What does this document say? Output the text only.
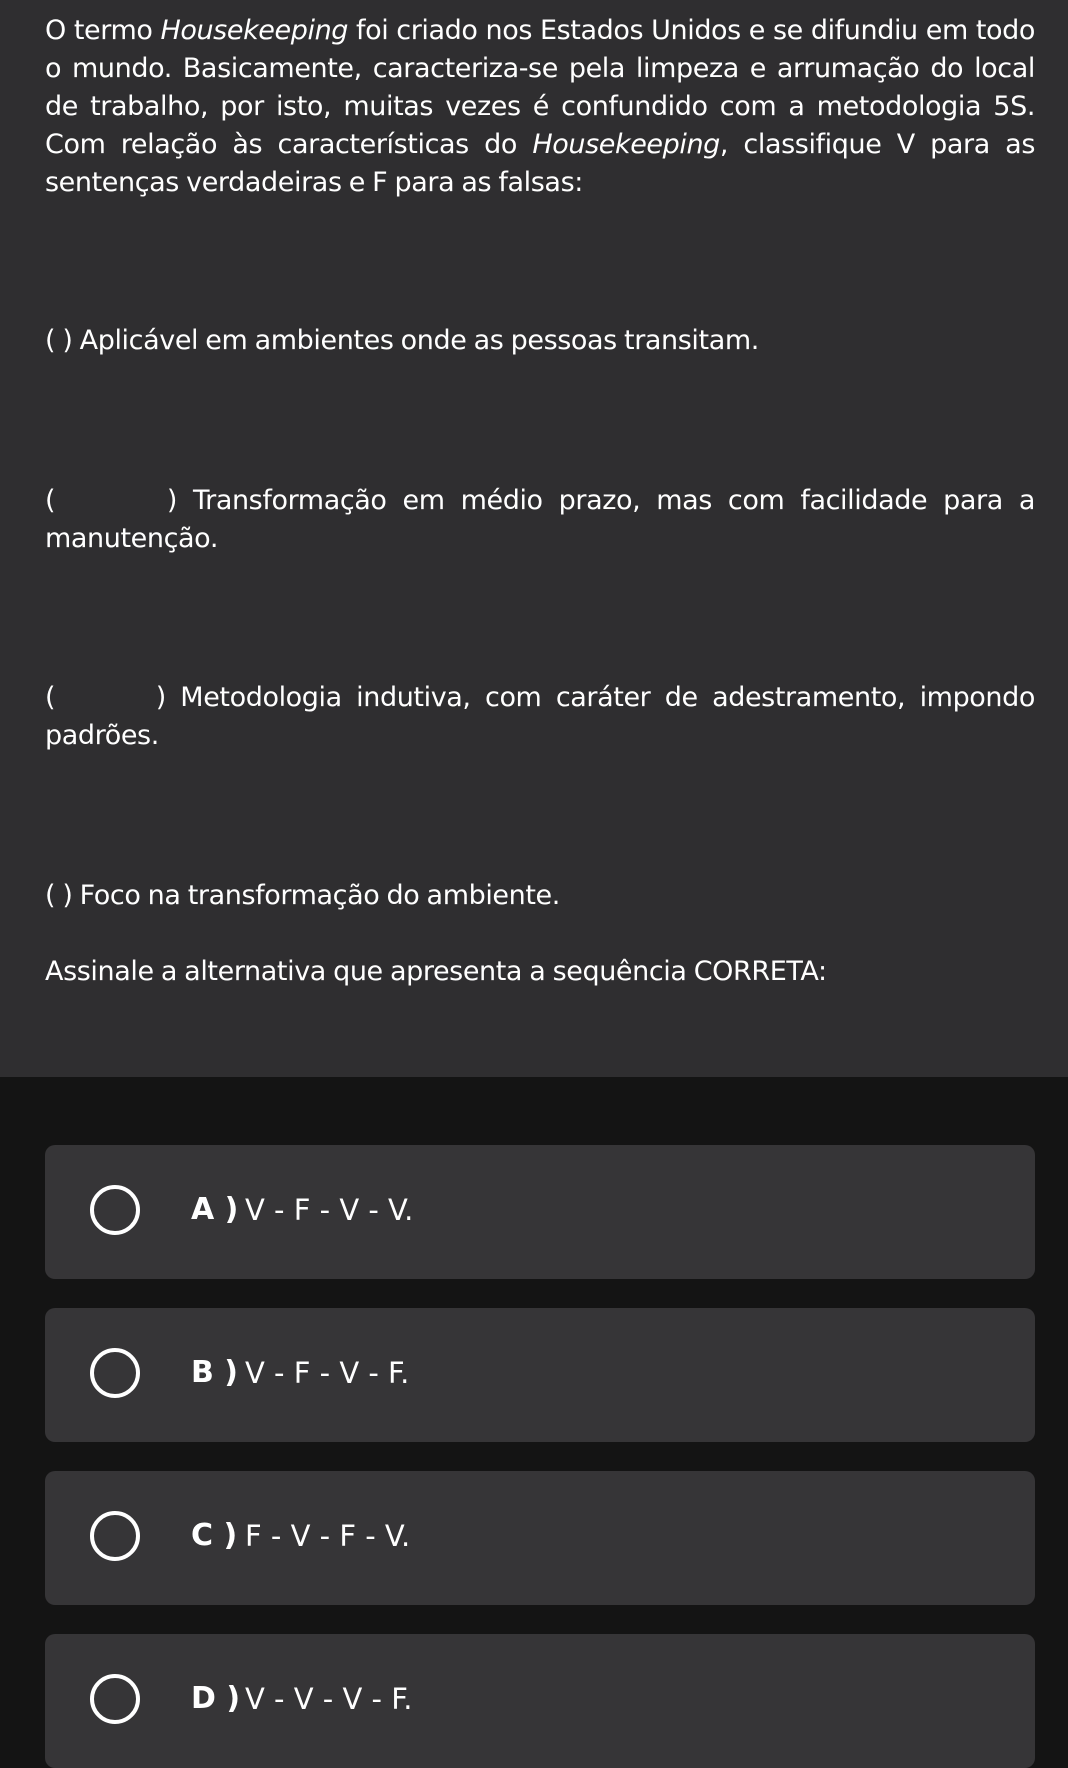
O termo Housekeeping foi criado nos Estados Unidos e se difundiu em todo o mundo. Basicamente, caracteriza-se pela limpeza e arrumação do local de trabalho, por isto, muitas vezes é confundido com a metodologia 5S. Com relação às características do Housekeeping, classifique V para as sentenças verdadeiras e F para as falsas:

( ) Aplicável em ambientes onde as pessoas transitam.

(       ) Transformação em médio prazo, mas com facilidade para a manutenção.

(       ) Metodologia indutiva, com caráter de adestramento, impondo padrões.

( ) Foco na transformação do ambiente.

Assinale a alternativa que apresenta a sequência CORRETA:

A ) V - F - V - V.
B ) V - F - V - F.
C ) F - V - F - V.
D ) V - V - V - F.
